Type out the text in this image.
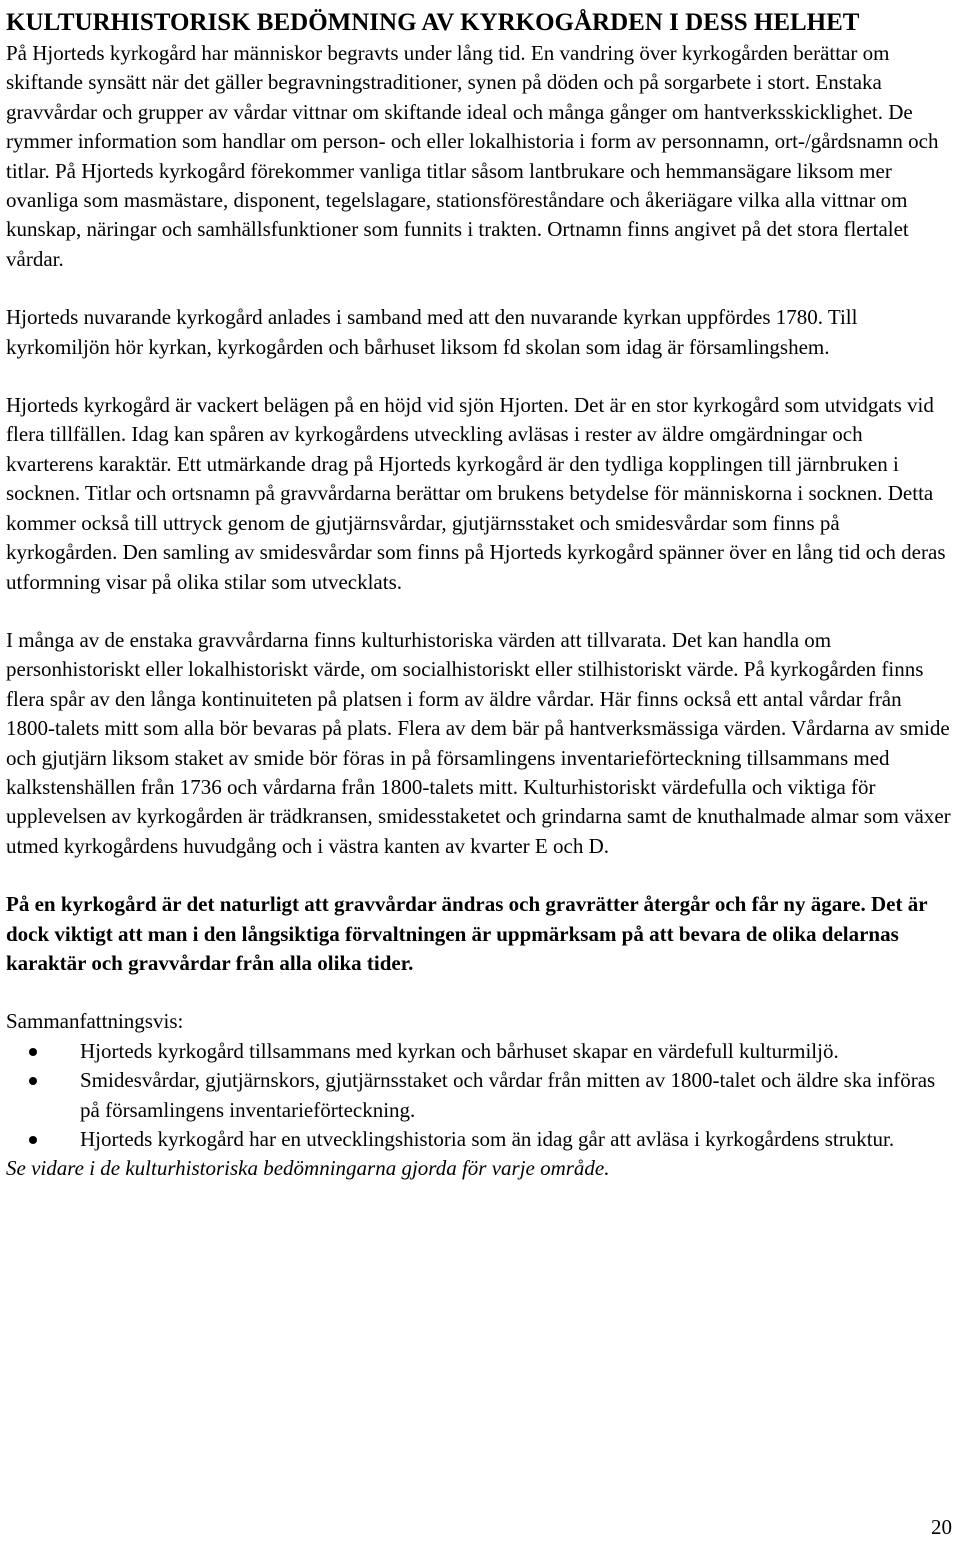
KULTURHISTORISK BEDÖMNING AV KYRKOGÅRDEN I DESS HELHET

På Hjorteds kyrkogård har människor begravts under lång tid. En vandring över kyrkogården berättar om skiftande synsätt när det gäller begravningstraditioner, synen på döden och på sorgarbete i stort. Enstaka gravvårdar och grupper av vårdar vittnar om skiftande ideal och många gånger om hantverksskicklighet. De rymmer information som handlar om person- och eller lokalhistoria i form av personnamn, ort-/gårdsnamn och titlar. På Hjorteds kyrkogård förekommer vanliga titlar såsom lantbrukare och hemmansägare liksom mer ovanliga som masmästare, disponent, tegelslagare, stationsföreståndare och åkeriägare vilka alla vittnar om kunskap, näringar och samhällsfunktioner som funnits i trakten. Ortnamn finns angivet på det stora flertalet vårdar.

Hjorteds nuvarande kyrkogård anlades i samband med att den nuvarande kyrkan uppfördes 1780. Till kyrkomiljön hör kyrkan, kyrkogården och bårhuset liksom fd skolan som idag är församlingshem.

Hjorteds kyrkogård är vackert belägen på en höjd vid sjön Hjorten. Det är en stor kyrkogård som utvidgats vid flera tillfällen. Idag kan spåren av kyrkogårdens utveckling avläsas i rester av äldre omgärdningar och kvarterens karaktär. Ett utmärkande drag på Hjorteds kyrkogård är den tydliga kopplingen till järnbruken i socknen. Titlar och ortsnamn på gravvårdarna berättar om brukens betydelse för människorna i socknen. Detta kommer också till uttryck genom de gjutjärnsvårdar, gjutjärnsstaket och smidesvårdar som finns på kyrkogården. Den samling av smidesvårdar som finns på Hjorteds kyrkogård spänner över en lång tid och deras utformning visar på olika stilar som utvecklats.

I många av de enstaka gravvårdarna finns kulturhistoriska värden att tillvarata. Det kan handla om personhistoriskt eller lokalhistoriskt värde, om socialhistoriskt eller stilhistoriskt värde. På kyrkogården finns flera spår av den långa kontinuiteten på platsen i form av äldre vårdar. Här finns också ett antal vårdar från 1800-talets mitt som alla bör bevaras på plats. Flera av dem bär på hantverksmässiga värden. Vårdarna av smide och gjutjärn liksom staket av smide bör föras in på församlingens inventarieförteckning tillsammans med kalkstenshällen från 1736 och vårdarna från 1800-talets mitt. Kulturhistoriskt värdefulla och viktiga för upplevelsen av kyrkogården är trädkransen, smidesstaketet och grindarna samt de knuthalmade almar som växer utmed kyrkogårdens huvudgång och i västra kanten av kvarter E och D.

På en kyrkogård är det naturligt att gravvårdar ändras och gravrätter återgår och får ny ägare. Det är dock viktigt att man i den långsiktiga förvaltningen är uppmärksam på att bevara de olika delarnas karaktär och gravvårdar från alla olika tider.

Sammanfattningsvis:

Hjorteds kyrkogård tillsammans med kyrkan och bårhuset skapar en värdefull kulturmiljö.
Smidesvårdar, gjutjärnskors, gjutjärnsstaket och vårdar från mitten av 1800-talet och äldre ska införas på församlingens inventarieförteckning.
Hjorteds kyrkogård har en utvecklingshistoria som än idag går att avläsa i kyrkogårdens struktur.

Se vidare i de kulturhistoriska bedömningarna gjorda för varje område.

20
